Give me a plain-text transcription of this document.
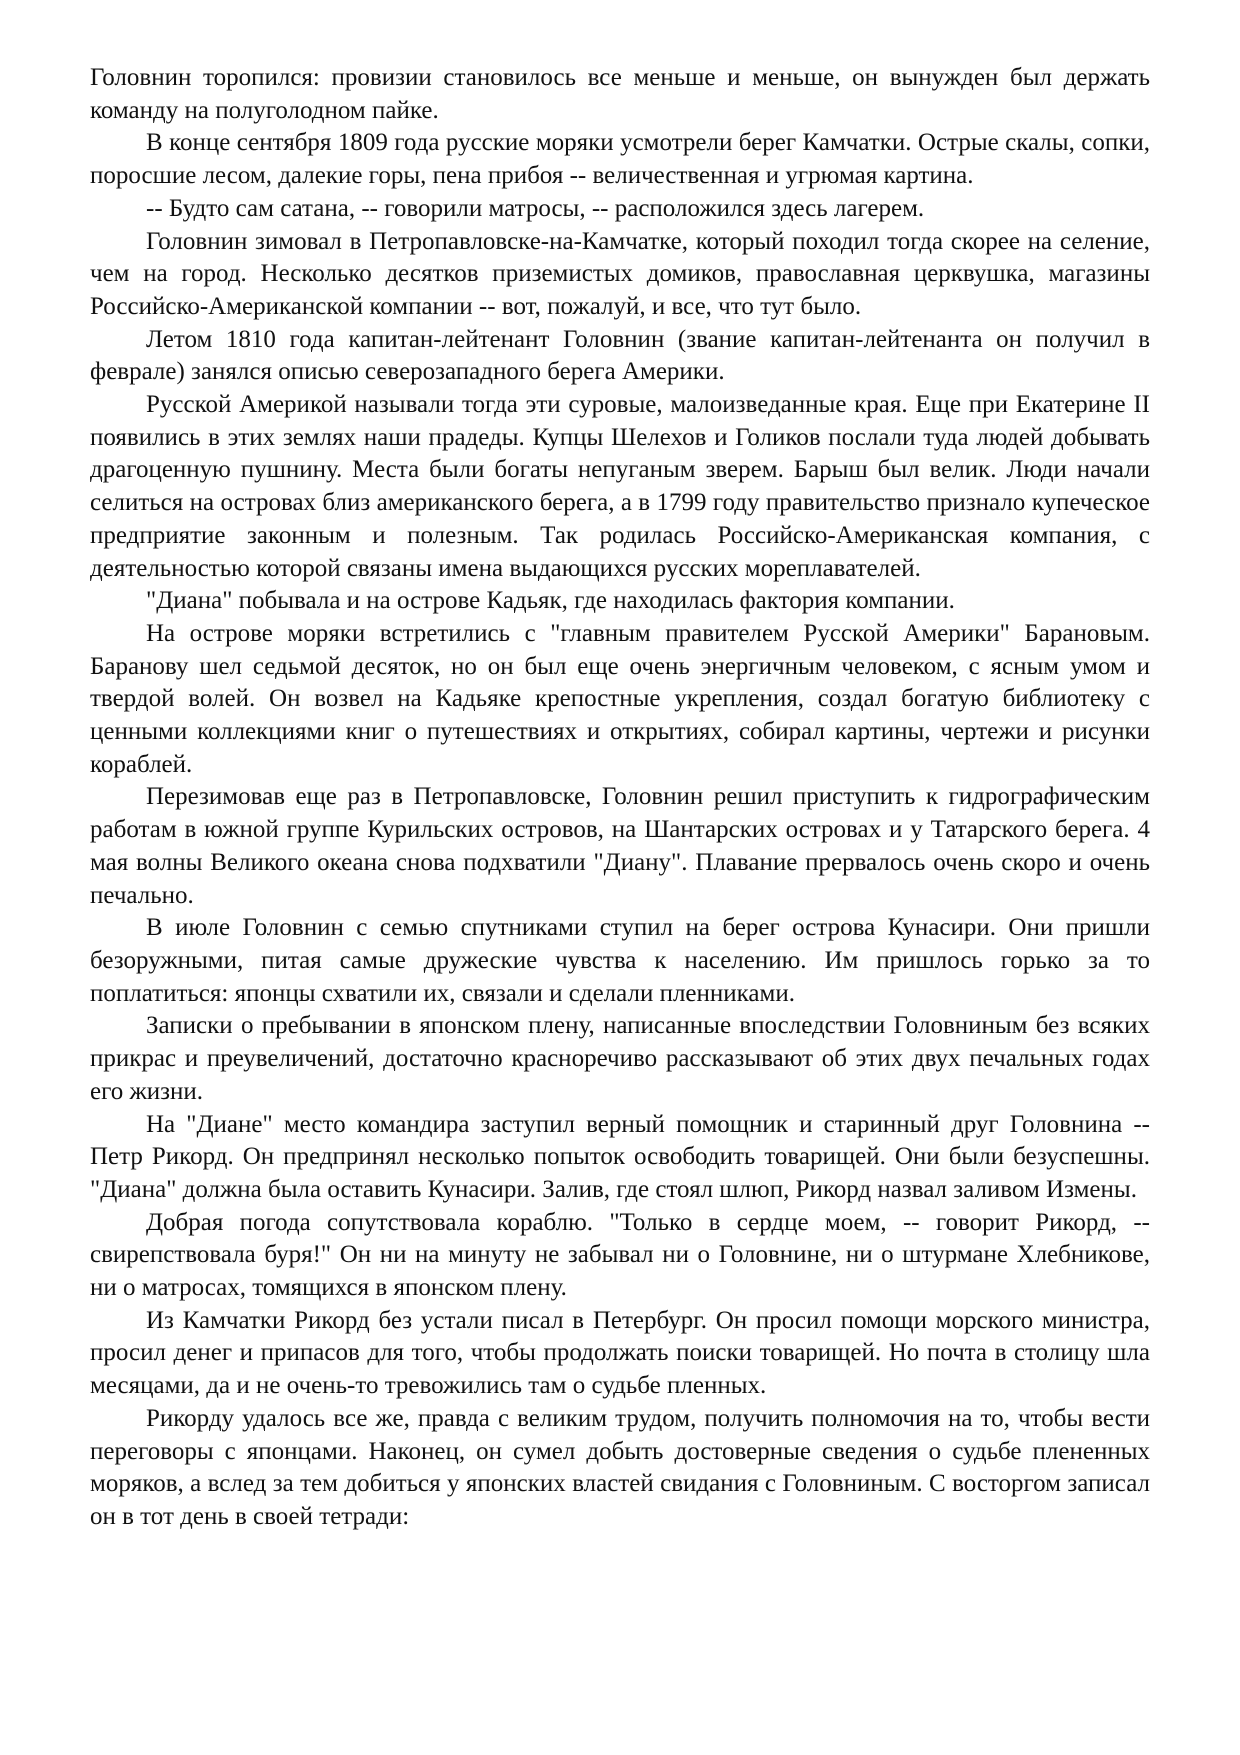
Головнин торопился: провизии становилось все меньше и меньше, он вынужден был держать команду на полуголодном пайке.

В конце сентября 1809 года русские моряки усмотрели берег Камчатки. Острые скалы, сопки, поросшие лесом, далекие горы, пена прибоя -- величественная и угрюмая картина.

-- Будто сам сатана, -- говорили матросы, -- расположился здесь лагерем.

Головнин зимовал в Петропавловске-на-Камчатке, который походил тогда скорее на селение, чем на город. Несколько десятков приземистых домиков, православная церквушка, магазины Российско-Американской компании -- вот, пожалуй, и все, что тут было.

Летом 1810 года капитан-лейтенант Головнин (звание капитан-лейтенанта он получил в феврале) занялся описью северозападного берега Америки.

Русской Америкой называли тогда эти суровые, малоизведанные края. Еще при Екатерине II появились в этих землях наши прадеды. Купцы Шелехов и Голиков послали туда людей добывать драгоценную пушнину. Места были богаты непуганым зверем. Барыш был велик. Люди начали селиться на островах близ американского берега, а в 1799 году правительство признало купеческое предприятие законным и полезным. Так родилась Российско-Американская компания, с деятельностью которой связаны имена выдающихся русских мореплавателей.

"Диана" побывала и на острове Кадьяк, где находилась фактория компании.

На острове моряки встретились с "главным правителем Русской Америки" Барановым. Баранову шел седьмой десяток, но он был еще очень энергичным человеком, с ясным умом и твердой волей. Он возвел на Кадьяке крепостные укрепления, создал богатую библиотеку с ценными коллекциями книг о путешествиях и открытиях, собирал картины, чертежи и рисунки кораблей.

Перезимовав еще раз в Петропавловске, Головнин решил приступить к гидрографическим работам в южной группе Курильских островов, на Шантарских островах и у Татарского берега. 4 мая волны Великого океана снова подхватили "Диану". Плавание прервалось очень скоро и очень печально.

В июле Головнин с семью спутниками ступил на берег острова Кунасири. Они пришли безоружными, питая самые дружеские чувства к населению. Им пришлось горько за то поплатиться: японцы схватили их, связали и сделали пленниками.

Записки о пребывании в японском плену, написанные впоследствии Головниным без всяких прикрас и преувеличений, достаточно красноречиво рассказывают об этих двух печальных годах его жизни.

На "Диане" место командира заступил верный помощник и старинный друг Головнина -- Петр Рикорд. Он предпринял несколько попыток освободить товарищей. Они были безуспешны. "Диана" должна была оставить Кунасири. Залив, где стоял шлюп, Рикорд назвал заливом Измены.

Добрая погода сопутствовала кораблю. "Только в сердце моем, -- говорит Рикорд, -- свирепствовала буря!" Он ни на минуту не забывал ни о Головнине, ни о штурмане Хлебникове, ни о матросах, томящихся в японском плену.

Из Камчатки Рикорд без устали писал в Петербург. Он просил помощи морского министра, просил денег и припасов для того, чтобы продолжать поиски товарищей. Но почта в столицу шла месяцами, да и не очень-то тревожились там о судьбе пленных.

Рикорду удалось все же, правда с великим трудом, получить полномочия на то, чтобы вести переговоры с японцами. Наконец, он сумел добыть достоверные сведения о судьбе плененных моряков, а вслед за тем добиться у японских властей свидания с Головниным. С восторгом записал он в тот день в своей тетради:
